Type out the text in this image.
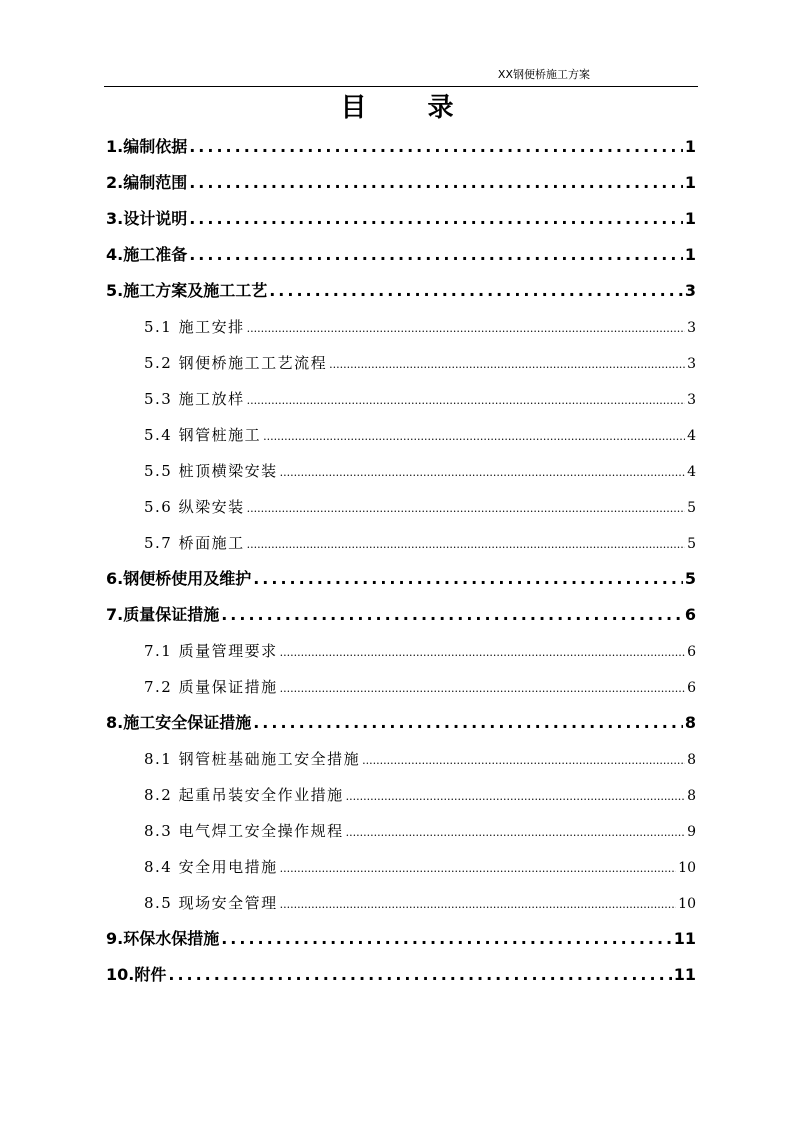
XX钢便桥施工方案
目 录
1.编制依据 .....	1
2.编制范围 .....	1
3.设计说明 .....	1
4.施工准备 .....	1
5.施工方案及施工工艺 .....	3
5.1 施工安排 .....	3
5.2 钢便桥施工工艺流程 .....	3
5.3 施工放样 .....	3
5.4 钢管桩施工 .....	4
5.5 桩顶横梁安装 .....	4
5.6 纵梁安装 .....	5
5.7 桥面施工 .....	5
6.钢便桥使用及维护 .....	5
7.质量保证措施 .....	6
7.1 质量管理要求 .....	6
7.2 质量保证措施 .....	6
8.施工安全保证措施 .....	8
8.1 钢管桩基础施工安全措施 .....	8
8.2 起重吊装安全作业措施 .....	8
8.3 电气焊工安全操作规程 .....	9
8.4 安全用电措施 .....	10
8.5 现场安全管理 .....	10
9.环保水保措施 .....	11
10.附件 .....	11
